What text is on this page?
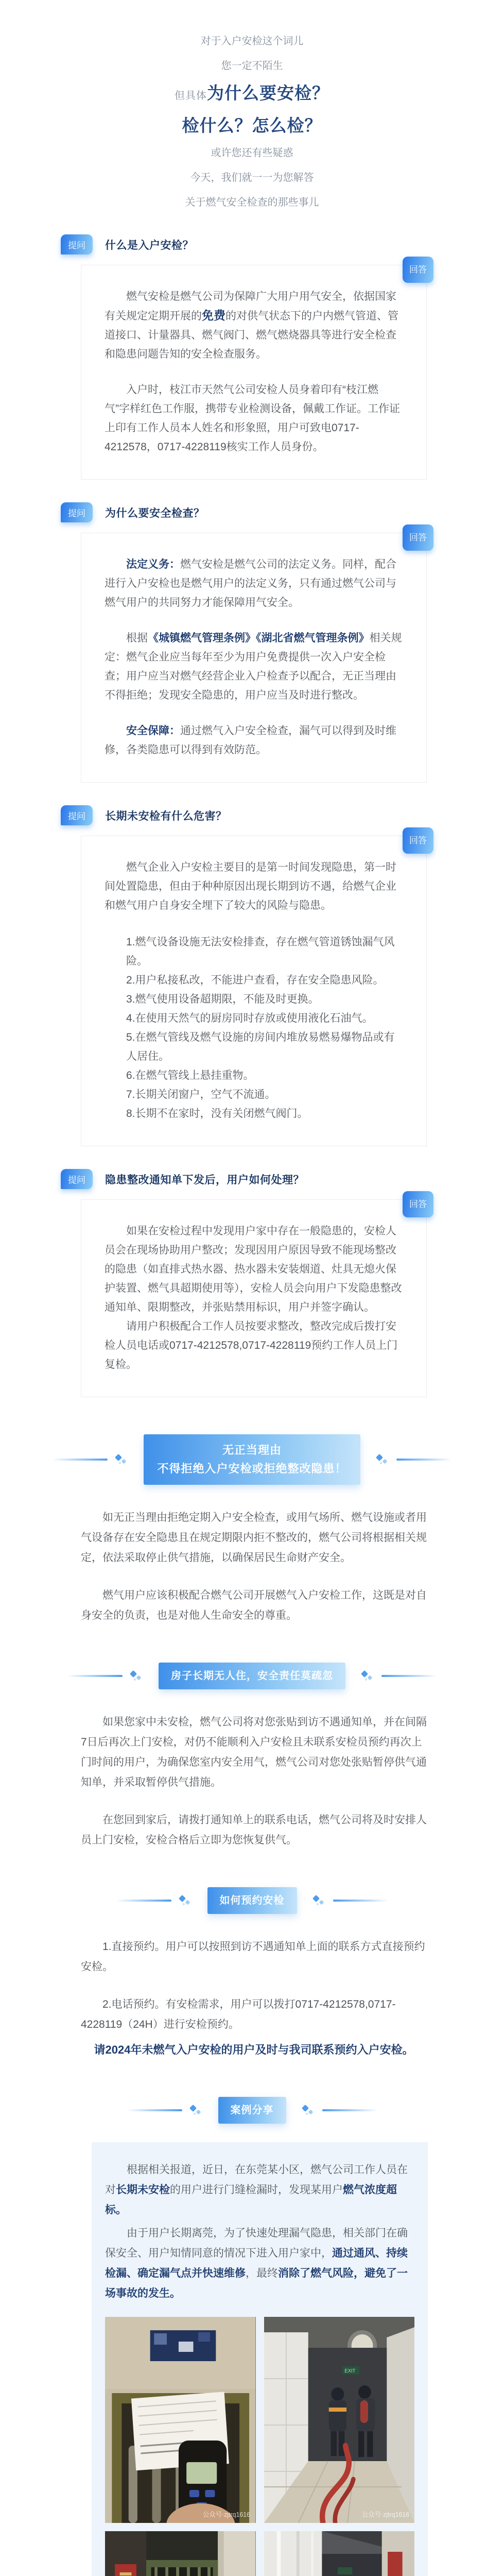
对于入户安检这个词儿
您一定不陌生
但具体为什么要安检？
检什么？怎么检？
或许您还有些疑惑
今天，我们就一一为您解答
关于燃气安全检查的那些事儿
提问	什么是入户安检？
回答

燃气安检是燃气公司为保障广大用户用气安全，依据国家有关规定定期开展的免费的对供气状态下的户内燃气管道、管道接口、计量器具、燃气阀门、燃气燃烧器具等进行安全检查和隐患问题告知的安全检查服务。

入户时，枝江市天然气公司安检人员身着印有“枝江燃气”字样红色工作服，携带专业检测设备，佩戴工作证。工作证上印有工作人员本人姓名和形象照，用户可致电0717-4212578，0717-4228119核实工作人员身份。

提问	为什么要安全检查？
回答

法定义务：燃气安检是燃气公司的法定义务。同样，配合进行入户安检也是燃气用户的法定义务，只有通过燃气公司与燃气用户的共同努力才能保障用气安全。

根据《城镇燃气管理条例》《湖北省燃气管理条例》相关规定：燃气企业应当每年至少为用户免费提供一次入户安全检查；用户应当对燃气经营企业入户检查予以配合，无正当理由不得拒绝；发现安全隐患的，用户应当及时进行整改。

安全保障：通过燃气入户安全检查，漏气可以得到及时维修，各类隐患可以得到有效防范。

提问	长期未安检有什么危害？
回答

燃气企业入户安检主要目的是第一时间发现隐患，第一时间处置隐患，但由于种种原因出现长期到访不遇，给燃气企业和燃气用户自身安全埋下了较大的风险与隐患。

1.燃气设备设施无法安检排查，存在燃气管道锈蚀漏气风险。
2.用户私接私改，不能进户查看，存在安全隐患风险。
3.燃气使用设备超期限，不能及时更换。
4.在使用天然气的厨房同时存放或使用液化石油气。
5.在燃气管线及燃气设施的房间内堆放易燃易爆物品或有人居住。
6.在燃气管线上悬挂重物。
7.长期关闭窗户，空气不流通。
8.长期不在家时，没有关闭燃气阀门。
提问	隐患整改通知单下发后，用户如何处理？
回答

如果在安检过程中发现用户家中存在一般隐患的，安检人员会在现场协助用户整改；发现因用户原因导致不能现场整改的隐患（如直排式热水器、热水器未安装烟道、灶具无熄火保护装置、燃气具超期使用等），安检人员会向用户下发隐患整改通知单、限期整改，并张贴禁用标识，用户并签字确认。

请用户积极配合工作人员按要求整改，整改完成后拨打安检人员电话或0717-4212578,0717-4228119预约工作人员上门复检。

无正当理由
不得拒绝入户安检或拒绝整改隐患！

如无正当理由拒绝定期入户安全检查，或用气场所、燃气设施或者用气设备存在安全隐患且在规定期限内拒不整改的，燃气公司将根据相关规定，依法采取停止供气措施，以确保居民生命财产安全。

燃气用户应该积极配合燃气公司开展燃气入户安检工作，这既是对自身安全的负责，也是对他人生命安全的尊重。

房子长期无人住，安全责任莫疏忽

如果您家中未安检，燃气公司将对您张贴到访不遇通知单，并在间隔7日后再次上门安检，对仍不能顺利入户安检且未联系安检员预约再次上门时间的用户，为确保您室内安全用气，燃气公司对您处张贴暂停供气通知单，并采取暂停供气措施。

在您回到家后，请拨打通知单上的联系电话，燃气公司将及时安排人员上门安检，安检合格后立即为您恢复供气。

如何预约安检

1.直接预约。用户可以按照到访不遇通知单上面的联系方式直接预约安检。

2.电话预约。有安检需求，用户可以拨打0717-4212578,0717-4228119（24H）进行安检预约。

请2024年未燃气入户安检的用户及时与我司联系预约入户安检。

案例分享

根据相关报道，近日，在东莞某小区，燃气公司工作人员在对长期未安检的用户进行门缝检漏时，发现某用户燃气浓度超标。

由于用户长期离莞，为了快速处理漏气隐患，相关部门在确保安全、用户知情同意的情况下进入用户家中，通过通风、持续检漏、确定漏气点并快速维修，最终消除了燃气风险，避免了一场事故的发生。

公众号·zjtrq1616
EXIT
公众号·zjtrq1616
